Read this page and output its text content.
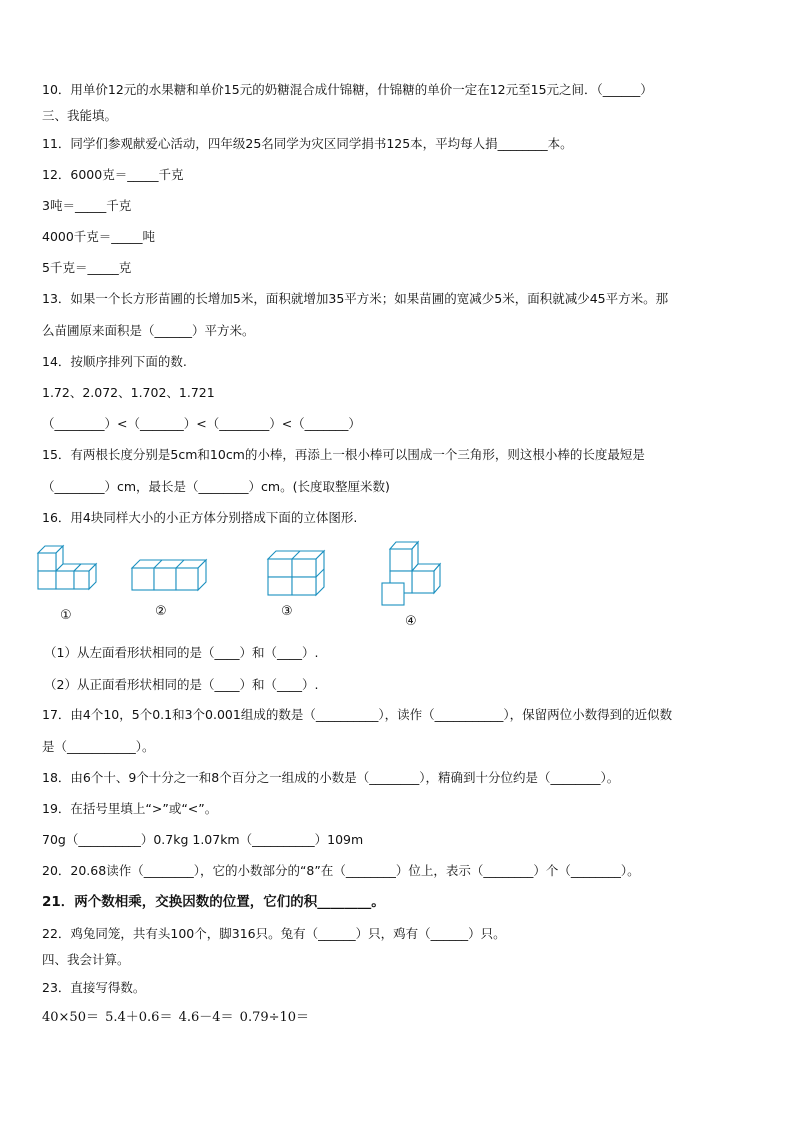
10．用单价12元的水果糖和单价15元的奶糖混合成什锦糖，什锦糖的单价一定在12元至15元之间．（______）
三、我能填。
11．同学们参观献爱心活动，四年级25名同学为灾区同学捐书125本，平均每人捐________本。
12．6000克＝_____千克
3吨＝_____千克
4000千克＝_____吨
5千克＝_____克
13．如果一个长方形苗圃的长增加5米，面积就增加35平方米；如果苗圃的宽减少5米，面积就减少45平方米。那
么苗圃原来面积是（______）平方米。
14．按顺序排列下面的数.
1.72、2.072、1.702、1.721
（________）<（_______）<（________）<（_______）
15．有两根长度分别是5cm和10cm的小棒，再添上一根小棒可以围成一个三角形，则这根小棒的长度最短是
（________）cm，最长是（________）cm。(长度取整厘米数)
16．用4块同样大小的小正方体分别搭成下面的立体图形.
①	②	③
④
（1）从左面看形状相同的是（____）和（____）.
（2）从正面看形状相同的是（____）和（____）.
17．由4个10，5个0.1和3个0.001组成的数是（__________），读作（___________），保留两位小数得到的近似数
是（___________）。
18．由6个十、9个十分之一和8个百分之一组成的小数是（________），精确到十分位约是（________）。
19．在括号里填上“>”或“<”。
70g（__________）0.7kg 1.07km（__________）109m
20．20.68读作（________），它的小数部分的“8”在（________）位上，表示（________）个（________）。
21．两个数相乘，交换因数的位置，它们的积________。
22．鸡兔同笼，共有头100个，脚316只。兔有（______）只，鸡有（______）只。
四、我会计算。
23．直接写得数。
40×50＝ 5.4＋0.6＝ 4.6－4＝ 0.79÷10＝
